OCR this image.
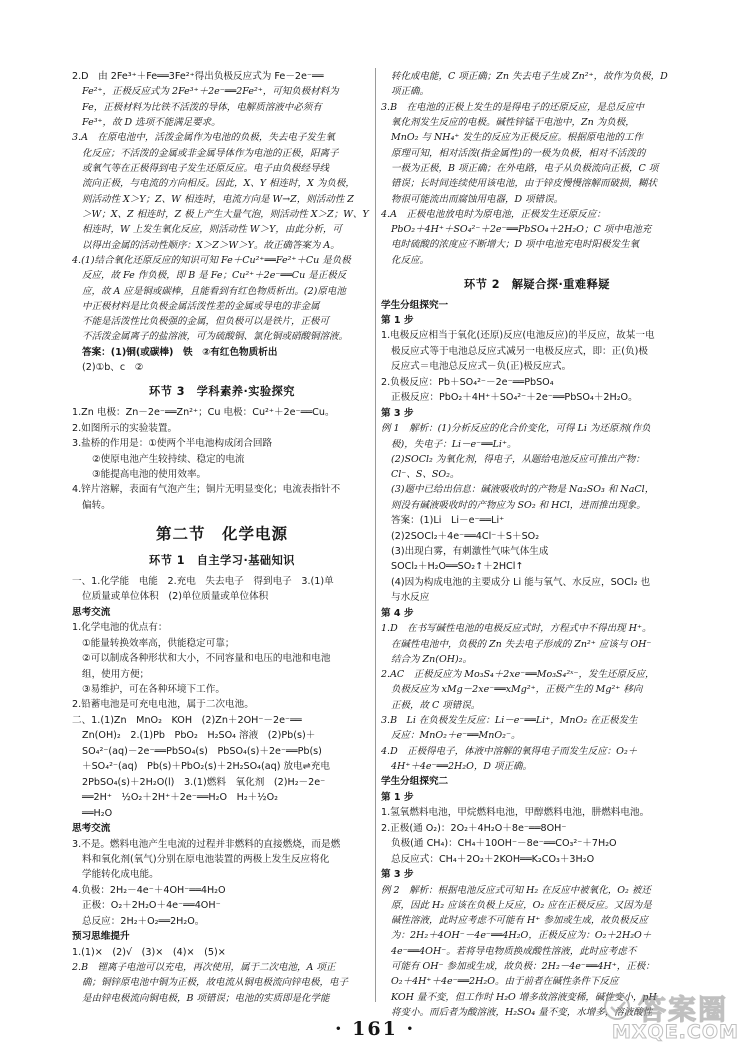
2.D　由 2Fe³⁺＋Fe══3Fe²⁺得出负极反应式为 Fe－2e⁻══
Fe²⁺，正极反应式为 2Fe³⁺＋2e⁻══2Fe²⁺，可知负极材料为
Fe，正极材料为比铁不活泼的导体，电解质溶液中必须有
Fe³⁺，故 D 选项不能满足要求。
3.A　在原电池中，活泼金属作为电池的负极，失去电子发生氧
化反应；不活泼的金属或非金属导体作为电池的正极，阳离子
或氧气等在正极得到电子发生还原反应。电子由负极经导线
流向正极，与电流的方向相反。因此，X、Y 相连时，X 为负极，
则活动性 X＞Y；Z、W 相连时，电流方向是 W→Z，则活动性 Z
＞W；X、Z 相连时，Z 极上产生大量气泡，则活动性 X＞Z；W、Y
相连时，W 上发生氧化反应，则活动性 W＞Y，由此分析，可
以得出金属的活动性顺序：X＞Z＞W＞Y。故正确答案为 A。
4.(1)结合氧化还原反应的知识可知 Fe＋Cu²⁺══Fe²⁺＋Cu 是负极
反应，故 Fe 作负极，即 B 是 Fe；Cu²⁺＋2e⁻══Cu 是正极反
应，故 A 应是铜或碳棒，且能看到有红色物质析出。(2)原电池
中正极材料是比负极金属活泼性差的金属或导电的非金属
不能是活泼性比负极强的金属，但负极可以是铁片，正极可
不活泼金属离子的盐溶液，可为硫酸铜、氯化铜或硝酸铜溶液。
答案：(1)铜(或碳棒)　铁　②有红色物质析出
(2)①b、c　②
环节 3　学科素养·实验探究
1.Zn 电极：Zn－2e⁻══Zn²⁺；Cu 电极：Cu²⁺＋2e⁻══Cu。
2.如图所示的实验装置。
3.盐桥的作用是：①使两个半电池构成闭合回路
②使原电池产生较持续、稳定的电流
③能提高电池的使用效率。
4.锌片溶解，表面有气泡产生；铜片无明显变化；电流表指针不
偏转。
第二节　化学电源
环节 1　自主学习·基础知识
一、1.化学能　电能　2.充电　失去电子　得到电子　3.(1)单
位质量或单位体积　(2)单位质量或单位体积
思考交流
1.化学电池的优点有：
①能量转换效率高，供能稳定可靠；
②可以制成各种形状和大小，不同容量和电压的电池和电池
组，使用方便；
③易维护，可在各种环境下工作。
2.铅蓄电池是可充电电池，属于二次电池。
二、1.(1)Zn　MnO₂　KOH　(2)Zn＋2OH⁻－2e⁻══
Zn(OH)₂　2.(1)Pb　PbO₂　H₂SO₄ 溶液　(2)Pb(s)＋
SO₄²⁻(aq)－2e⁻══PbSO₄(s)　PbSO₄(s)＋2e⁻══Pb(s)
＋SO₄²⁻(aq)　Pb(s)＋PbO₂(s)＋2H₂SO₄(aq) 放电⇌充电
2PbSO₄(s)＋2H₂O(l)　3.(1)燃料　氧化剂　(2)H₂－2e⁻
══2H⁺　½O₂＋2H⁺＋2e⁻══H₂O　H₂＋½O₂
══H₂O
思考交流
3.不是。燃料电池产生电流的过程并非燃料的直接燃烧，而是燃
料和氧化剂(氧气)分别在原电池装置的两极上发生反应将化
学能转化成电能。
4.负极：2H₂－4e⁻＋4OH⁻══4H₂O
正极：O₂＋2H₂O＋4e⁻══4OH⁻
总反应：2H₂＋O₂══2H₂O。
预习思维提升
1.(1)×　(2)√　(3)×　(4)×　(5)×
2.B　锂离子电池可以充电，再次使用，属于二次电池，A 项正
确；铜锌原电池中铜为正极，故电流从铜电极流向锌电极，电子
是由锌电极流向铜电极，B 项错误；电池的实质即是化学能
转化成电能，C 项正确；Zn 失去电子生成 Zn²⁺，故作为负极，D
项正确。
3.B　在电池的正极上发生的是得电子的还原反应，是总反应中
氧化剂发生反应的电极。碱性锌锰干电池中，Zn 为负极，
MnO₂ 与 NH₄⁺ 发生的反应为正极反应。根据原电池的工作
原理可知，相对活泼(指金属性)的一极为负极，相对不活泼的
一极为正极，B 项正确；在外电路，电子从负极流向正极，C 项
错误；长时间连续使用该电池，由于锌皮慢慢溶解而破损，糊状
物很可能流出而腐蚀用电器，D 项错误。
4.A　正极电池放电时为原电池，正极发生还原反应：
PbO₂＋4H⁺＋SO₄²⁻＋2e⁻══PbSO₄＋2H₂O；C 项中电池充
电时硫酸的浓度应不断增大；D 项中电池充电时阳极发生氧
化反应。
环节 2　解疑合探·重难释疑
学生分组探究一
第 1 步
1.电极反应相当于氧化(还原)反应(电池反应)的半反应，故某一电
极反应式等于电池总反应式减另一电极反应式，即：正(负)极
反应式＝电池总反应式－负(正)极反应式。
2.负极反应：Pb＋SO₄²⁻－2e⁻══PbSO₄
正极反应：PbO₂＋4H⁺＋SO₄²⁻＋2e⁻══PbSO₄＋2H₂O。
第 3 步
例 1　解析：(1)分析反应的化合价变化，可得 Li 为还原剂(作负
极)，失电子：Li－e⁻══Li⁺。
(2)SOCl₂ 为氧化剂，得电子，从题给电池反应可推出产物：
Cl⁻、S、SO₂。
(3)题中已给出信息：碱液吸收时的产物是 Na₂SO₃ 和 NaCl，
则没有碱液吸收时的产物应为 SO₂ 和 HCl，进而推出现象。
答案：(1)Li　Li－e⁻══Li⁺
(2)2SOCl₂＋4e⁻══4Cl⁻＋S＋SO₂
(3)出现白雾，有刺激性气味气体生成
SOCl₂＋H₂O══SO₂↑＋2HCl↑
(4)因为构成电池的主要成分 Li 能与氧气、水反应，SOCl₂ 也
与水反应
第 4 步
1.D　在书写碱性电池的电极反应式时，方程式中不得出现 H⁺。
在碱性电池中，负极的 Zn 失去电子形成的 Zn²⁺ 应该与 OH⁻
结合为 Zn(OH)₂。
2.AC　正极反应为 Mo₃S₄＋2xe⁻══Mo₃S₄²ˣ⁻，发生还原反应，
负极反应为 xMg－2xe⁻══xMg²⁺，正极产生的 Mg²⁺ 移向
正极，故 C 项错误。
3.B　Li 在负极发生反应：Li－e⁻══Li⁺，MnO₂ 在正极发生
反应：MnO₂＋e⁻══MnO₂⁻。
4.D　正极得电子，体液中溶解的氧得电子而发生反应：O₂＋
4H⁺＋4e⁻══2H₂O，D 项正确。
学生分组探究二
第 1 步
1.氢氧燃料电池，甲烷燃料电池，甲醇燃料电池，肼燃料电池。
2.正极(通 O₂)：2O₂＋4H₂O＋8e⁻══8OH⁻
负极(通 CH₄)：CH₄＋10OH⁻－8e⁻══CO₃²⁻＋7H₂O
总反应式：CH₄＋2O₂＋2KOH══K₂CO₃＋3H₂O
第 3 步
例 2　解析：根据电池反应式可知 H₂ 在反应中被氧化，O₂ 被还
原，因此 H₂ 应该在负极上反应，O₂ 应在正极反应。又因为是
碱性溶液，此时应考虑不可能有 H⁺ 参加或生成，故负极反应
为：2H₂＋4OH⁻－4e⁻══4H₂O，正极反应为：O₂＋2H₂O＋
4e⁻══4OH⁻。若将导电物质换成酸性溶液，此时应考虑不
可能有 OH⁻ 参加或生成，故负极：2H₂－4e⁻══4H⁺，正极：
O₂＋4H⁺＋4e⁻══2H₂O。由于前者在碱性条件下反应
KOH 量不变，但工作时 H₂O 增多故溶液变稀，碱性变小，pH
将变小。而后者为酸溶液，H₂SO₄ 量不变，水增多，溶液酸性
· 161 ·
答案圈
MXQE.COM
